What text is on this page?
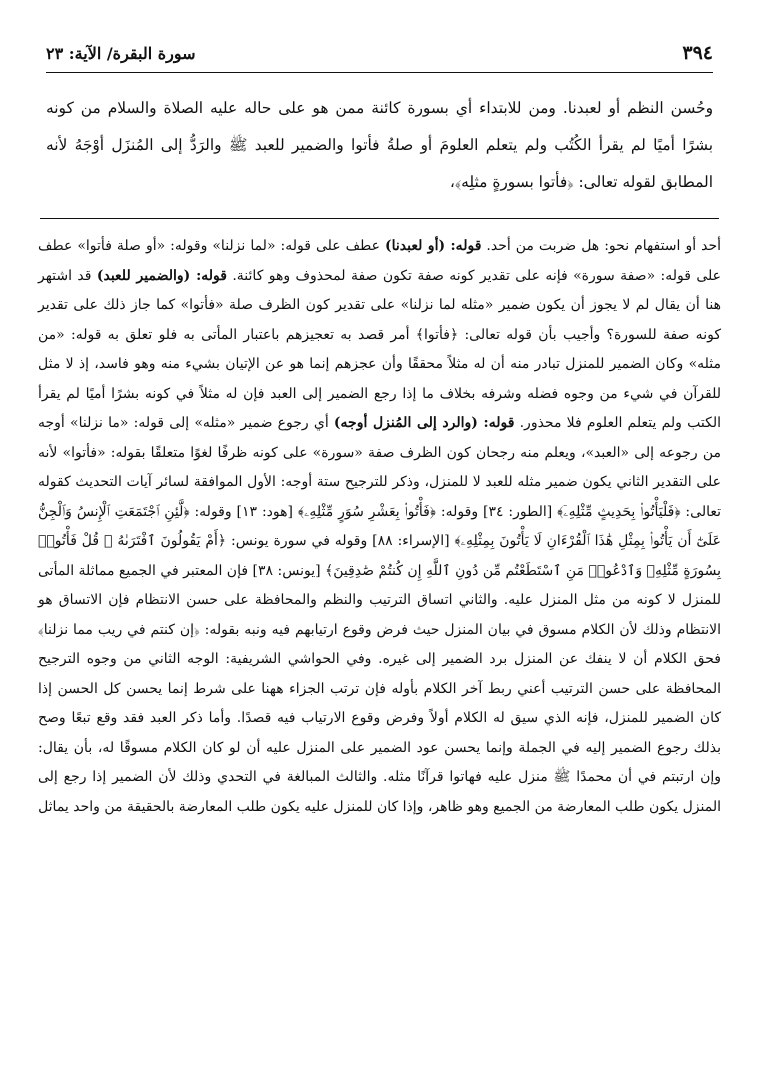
٣٩٤
سورة البقرة/ الآية: ٢٣

وحُسن النظم أو لعبدنا. ومن للابتداء أي بسورة كائنة ممن هو على حاله عليه الصلاة والسلام من كونه بشرًا أميًا لم يقرأ الكُتُب ولم يتعلم العلومَ أو صلةُ فأتوا والضمير للعبد ﷺ والرَدُّ إلى المُنزَل أوْجَهُ لأنه المطابق لقوله تعالى: ﴿فأتوا بسورةٍ مثلِه﴾،

أحد أو استفهام نحو: هل ضربت من أحد. قوله: (أو لعبدنا) عطف على قوله: «لما نزلنا» وقوله: «أو صلة فأتوا» عطف على قوله: «صفة سورة» فإنه على تقدير كونه صفة تكون صفة لمحذوف وهو كائنة. قوله: (والضمير للعبد) قد اشتهر هنا أن يقال لم لا يجوز أن يكون ضمير «مثله لما نزلنا» على تقدير كون الظرف صلة «فأتوا» كما جاز ذلك على تقدير كونه صفة للسورة؟ وأجيب بأن قوله تعالى: ﴿فأتوا﴾ أمر قصد به تعجيزهم باعتبار المأتى به فلو تعلق به قوله: «من مثله» وكان الضمير للمنزل تبادر منه أن له مثلاً محققًا وأن عجزهم إنما هو عن الإتيان بشيء منه وهو فاسد، إذ لا مثل للقرآن في شيء من وجوه فضله وشرفه بخلاف ما إذا رجع الضمير إلى العبد فإن له مثلاً في كونه بشرًا أميًا لم يقرأ الكتب ولم يتعلم العلوم فلا محذور. قوله: (والرد إلى المُنزل أوجه) أي رجوع ضمير «مثله» إلى قوله: «ما نزلنا» أوجه من رجوعه إلى «العبد»، ويعلم منه رجحان كون الظرف صفة «سورة» على كونه ظرفًا لغوًا متعلقًا بقوله: «فأتوا» لأنه على التقدير الثاني يكون ضمير مثله للعبد لا للمنزل، وذكر للترجيح ستة أوجه: الأول الموافقة لسائر آيات التحديث كقوله تعالى: ﴿فَلْيَأْتُوا۟ بِحَدِيثٍ مِّثْلِهِۦٓ﴾ [الطور: ٣٤] وقوله: ﴿فَأْتُوا۟ بِعَشْرِ سُوَرٍ مِّثْلِهِۦ﴾ [هود: ١٣] وقوله: ﴿لَّئِنِ ٱجْتَمَعَتِ ٱلْإِنسُ وَٱلْجِنُّ عَلَىٰٓ أَن يَأْتُوا۟ بِمِثْلِ هَٰذَا ٱلْقُرْءَانِ لَا يَأْتُونَ بِمِثْلِهِۦ﴾ [الإسراء: ٨٨] وقوله في سورة يونس: ﴿أَمْ يَقُولُونَ ٱفْتَرَىٰهُ ۖ قُلْ فَأْتُوا۟ بِسُورَةٍ مِّثْلِهِۦ وَٱدْعُوا۟ مَنِ ٱسْتَطَعْتُم مِّن دُونِ ٱللَّهِ إِن كُنتُمْ صَٰدِقِينَ﴾ [يونس: ٣٨] فإن المعتبر في الجميع مماثلة المأتى للمنزل لا كونه من مثل المنزل عليه. والثاني اتساق الترتيب والنظم والمحافظة على حسن الانتظام فإن الاتساق هو الانتظام وذلك لأن الكلام مسوق في بيان المنزل حيث فرض وقوع ارتيابهم فيه ونبه بقوله: ﴿إن كنتم في ريب مما نزلنا﴾ فحق الكلام أن لا ينفك عن المنزل برد الضمير إلى غيره. وفي الحواشي الشريفية: الوجه الثاني من وجوه الترجيح المحافظة على حسن الترتيب أعني ربط آخر الكلام بأوله فإن ترتب الجزاء ههنا على شرط إنما يحسن كل الحسن إذا كان الضمير للمنزل، فإنه الذي سيق له الكلام أولاً وفرض وقوع الارتياب فيه قصدًا. وأما ذكر العبد فقد وقع تبعًا وصح بذلك رجوع الضمير إليه في الجملة وإنما يحسن عود الضمير على المنزل عليه أن لو كان الكلام مسوقًا له، بأن يقال: وإن ارتبتم في أن محمدًا ﷺ منزل عليه فهاتوا قرآنًا مثله. والثالث المبالغة في التحدي وذلك لأن الضمير إذا رجع إلى المنزل يكون طلب المعارضة من الجميع وهو ظاهر، وإذا كان للمنزل عليه يكون طلب المعارضة بالحقيقة من واحد يماثل
